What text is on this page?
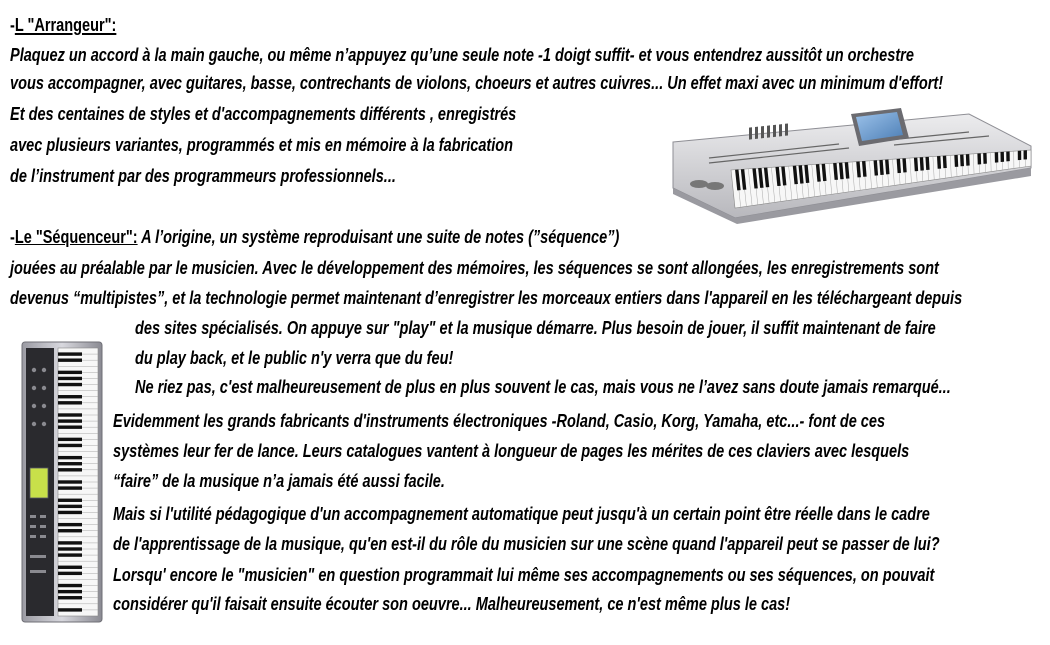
-L "Arrangeur":
Plaquez un accord à la main gauche, ou même n’appuyez qu’une seule note -1 doigt suffit- et vous entendrez aussitôt un orchestre
vous accompagner, avec guitares, basse, contrechants de violons, choeurs et autres cuivres... Un effet maxi avec un minimum d'effort!
Et des centaines de styles et d'accompagnements différents , enregistrés
avec plusieurs variantes, programmés et mis en mémoire à la fabrication
de l’instrument par des programmeurs professionnels...
-Le "Séquenceur": A l’origine, un système reproduisant une suite de notes (”séquence”)
jouées au préalable par le musicien. Avec le développement des mémoires, les séquences se sont allongées, les enregistrements sont
devenus “multipistes”, et la technologie permet maintenant d’enregistrer les morceaux entiers dans l'appareil en les téléchargeant depuis
des sites spécialisés. On appuye sur "play" et la musique démarre. Plus besoin de jouer, il suffit maintenant de faire
du play back, et le public n'y verra que du feu!
Ne riez pas, c'est malheureusement de plus en plus souvent le cas, mais vous ne l’avez sans doute jamais remarqué...
Evidemment les grands fabricants d'instruments électroniques -Roland, Casio, Korg, Yamaha, etc...- font de ces
systèmes leur fer de lance. Leurs catalogues vantent à longueur de pages les mérites de ces claviers avec lesquels
“faire” de la musique n’a jamais été aussi facile.
Mais si l'utilité pédagogique d'un accompagnement automatique peut jusqu'à un certain point être réelle dans le cadre
de l'apprentissage de la musique, qu'en est-il du rôle du musicien sur une scène quand l'appareil peut se passer de lui?
Lorsqu' encore le "musicien" en question programmait lui même ses accompagnements ou ses séquences, on pouvait
considérer qu'il faisait ensuite écouter son oeuvre... Malheureusement, ce n'est même plus le cas!
